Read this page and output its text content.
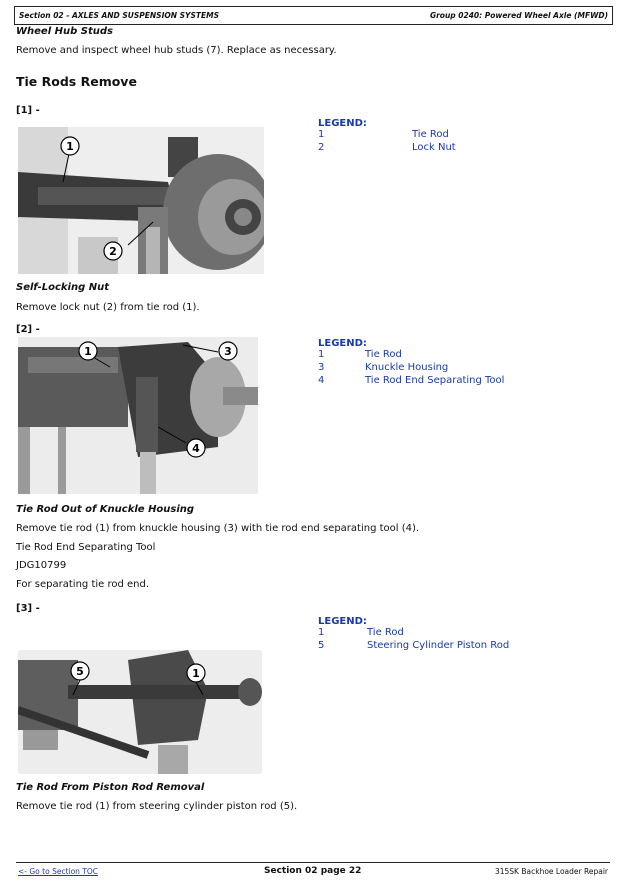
Section 02 - AXLES AND SUSPENSION SYSTEMS	Group 0240: Powered Wheel Axle (MFWD)
Wheel Hub Studs
Remove and inspect wheel hub studs (7). Replace as necessary.
Tie Rods Remove
[1] -
1
2
LEGEND:
1	Tie Rod
2	Lock Nut
Self-Locking Nut
Remove lock nut (2) from tie rod (1).
[2] -
1	3
4
LEGEND:
1	Tie Rod
3	Knuckle Housing
4	Tie Rod End Separating Tool
Tie Rod Out of Knuckle Housing
Remove tie rod (1) from knuckle housing (3) with tie rod end separating tool (4).
Tie Rod End Separating Tool
JDG10799
For separating tie rod end.
[3] -
5	1
LEGEND:
1	Tie Rod
5	Steering Cylinder Piston Rod
Tie Rod From Piston Rod Removal
Remove tie rod (1) from steering cylinder piston rod (5).
<- Go to Section TOC	Section 02 page 22	315SK Backhoe Loader Repair
